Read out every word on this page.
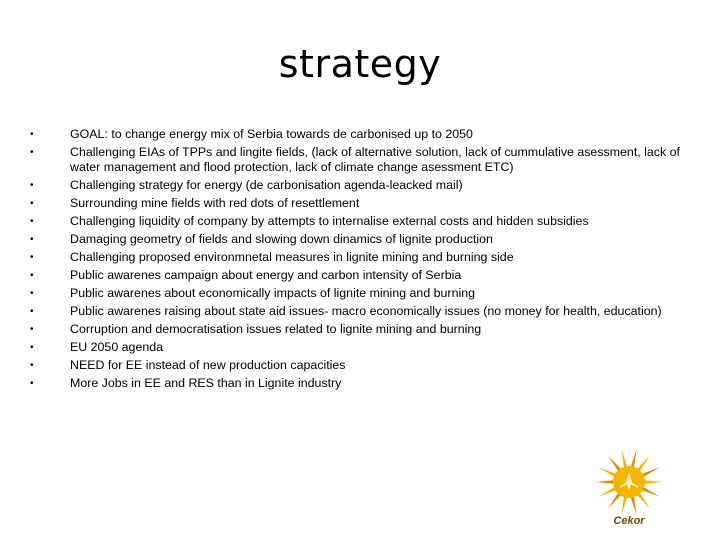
strategy
•	GOAL: to change energy mix of Serbia towards de carbonised up to 2050
•	Challenging EIAs of TPPs and lingite fields, (lack of alternative solution, lack of cummulative asessment, lack of water management and flood protection, lack of climate change asessment ETC)
•	Challenging strategy for energy (de carbonisation agenda-leacked mail)
•	Surrounding mine fields with red dots of resettlement
•	Challenging liquidity of company by attempts to internalise external costs and hidden subsidies
•	Damaging geometry of fields and slowing down dinamics of lignite production
•	Challenging proposed environmnetal measures in lignite mining and burning side
•	Public awarenes campaign about energy and carbon intensity of Serbia
•	Public awarenes about economically impacts of lignite mining and burning
•	Public awarenes raising about state aid issues- macro economically issues (no money for health, education)
•	Corruption and democratisation issues related to lignite mining and burning
•	EU 2050 agenda
•	NEED for EE instead of new production capacities
•	More Jobs in EE and RES than in Lignite industry
Cekor
